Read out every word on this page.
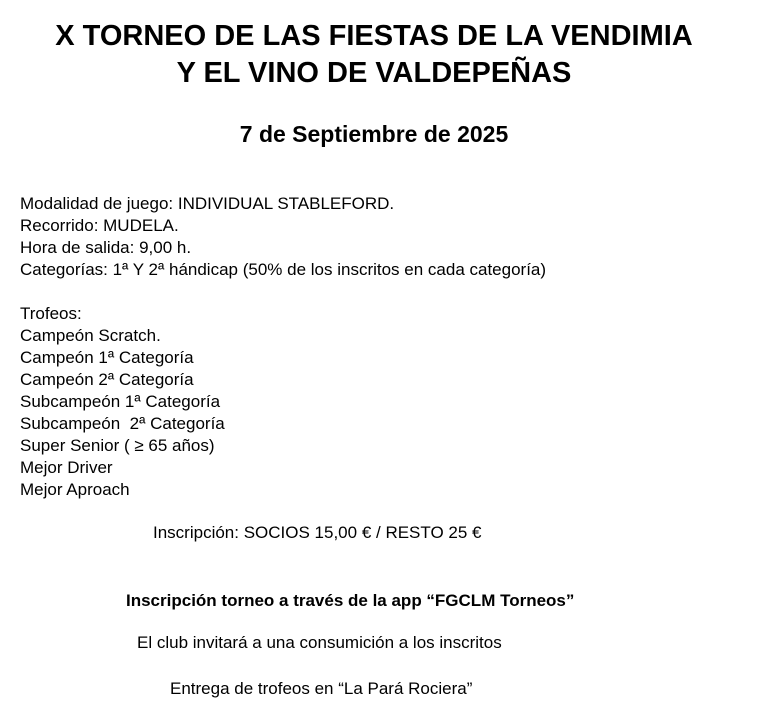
X TORNEO DE LAS FIESTAS DE LA VENDIMIA
Y EL VINO DE VALDEPEÑAS
7 de Septiembre de 2025

Modalidad de juego: INDIVIDUAL STABLEFORD.

Recorrido: MUDELA.

Hora de salida: 9,00 h.

Categorías: 1ª Y 2ª hándicap (50% de los inscritos en cada categoría)

Trofeos:

Campeón Scratch.

Campeón 1ª Categoría

Campeón 2ª Categoría

Subcampeón 1ª Categoría

Subcampeón  2ª Categoría

Super Senior ( ≥ 65 años)

Mejor Driver

Mejor Aproach

Inscripción: SOCIOS 15,00 € / RESTO 25 €

Inscripción torneo a través de la app “FGCLM Torneos”

El club invitará a una consumición a los inscritos

Entrega de trofeos en “La Pará Rociera”
